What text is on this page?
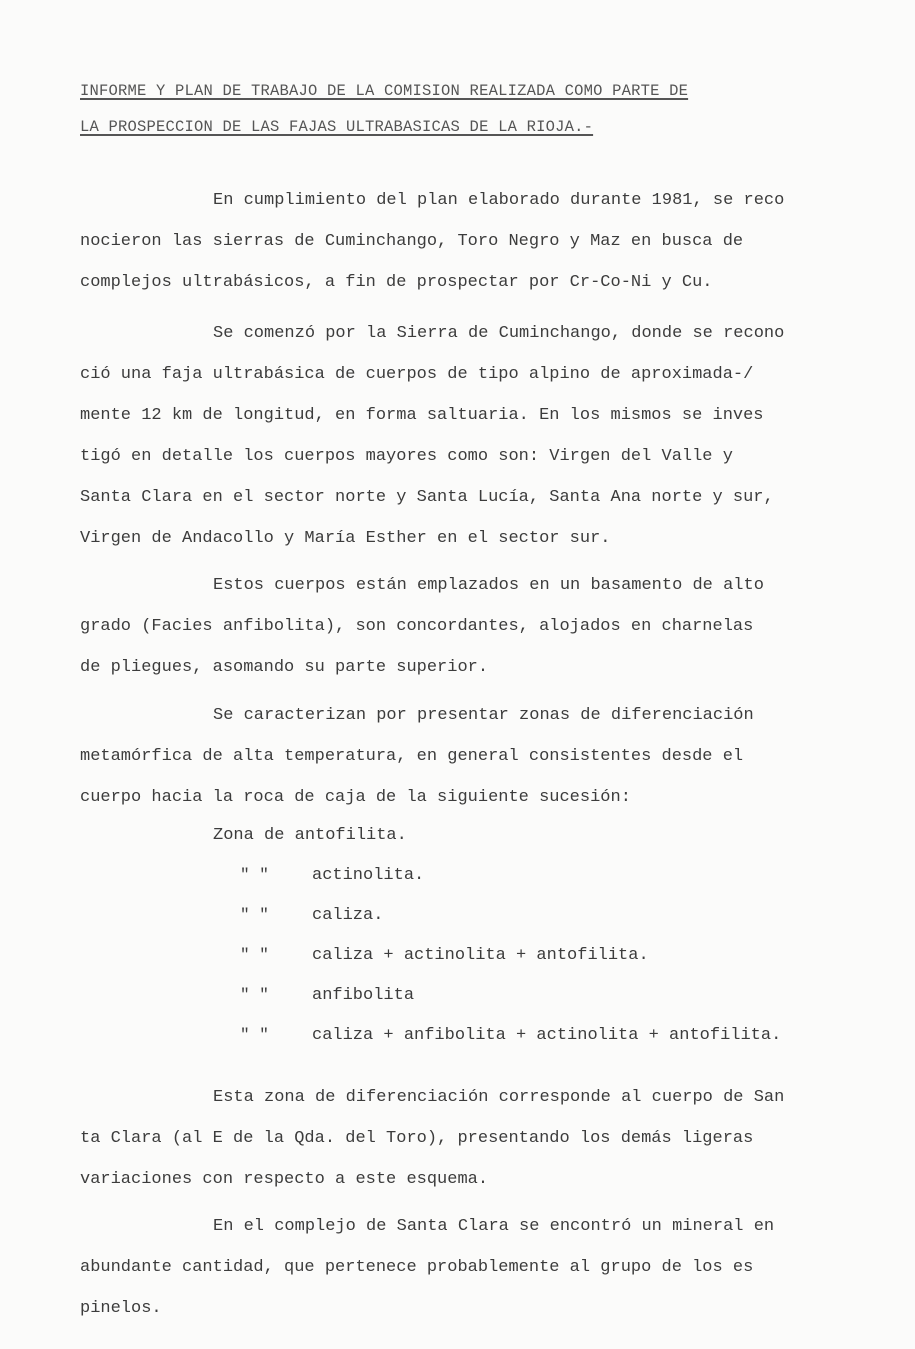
INFORME Y PLAN DE TRABAJO DE LA COMISION REALIZADA COMO PARTE DE
LA PROSPECCION DE LAS FAJAS ULTRABASICAS DE LA RIOJA.-
En cumplimiento del plan elaborado durante 1981, se reco
nocieron las sierras de Cuminchango, Toro Negro y Maz en busca de
complejos ultrabásicos, a fin de prospectar por Cr-Co-Ni y Cu.
Se comenzó por la Sierra de Cuminchango, donde se recono
ció una faja ultrabásica de cuerpos de tipo alpino de aproximada-/
mente 12 km de longitud, en forma saltuaria. En los mismos se inves
tigó en detalle los cuerpos mayores como son: Virgen del Valle y
Santa Clara en el sector norte y Santa Lucía, Santa Ana norte y sur,
Virgen de Andacollo y María Esther en el sector sur.
Estos cuerpos están emplazados en un basamento de alto
grado (Facies anfibolita), son concordantes, alojados en charnelas
de pliegues, asomando su parte superior.
Se caracterizan por presentar zonas de diferenciación
metamórfica de alta temperatura, en general consistentes desde el
cuerpo hacia la roca de caja de la siguiente sucesión:
Zona de antofilita.
" "	actinolita.
" "	caliza.
" "	caliza + actinolita + antofilita.
" "	anfibolita
" "	caliza + anfibolita + actinolita + antofilita.
Esta zona de diferenciación corresponde al cuerpo de San
ta Clara (al E de la Qda. del Toro), presentando los demás ligeras
variaciones con respecto a este esquema.
En el complejo de Santa Clara se encontró un mineral en
abundante cantidad, que pertenece probablemente al grupo de los es
pinelos.
